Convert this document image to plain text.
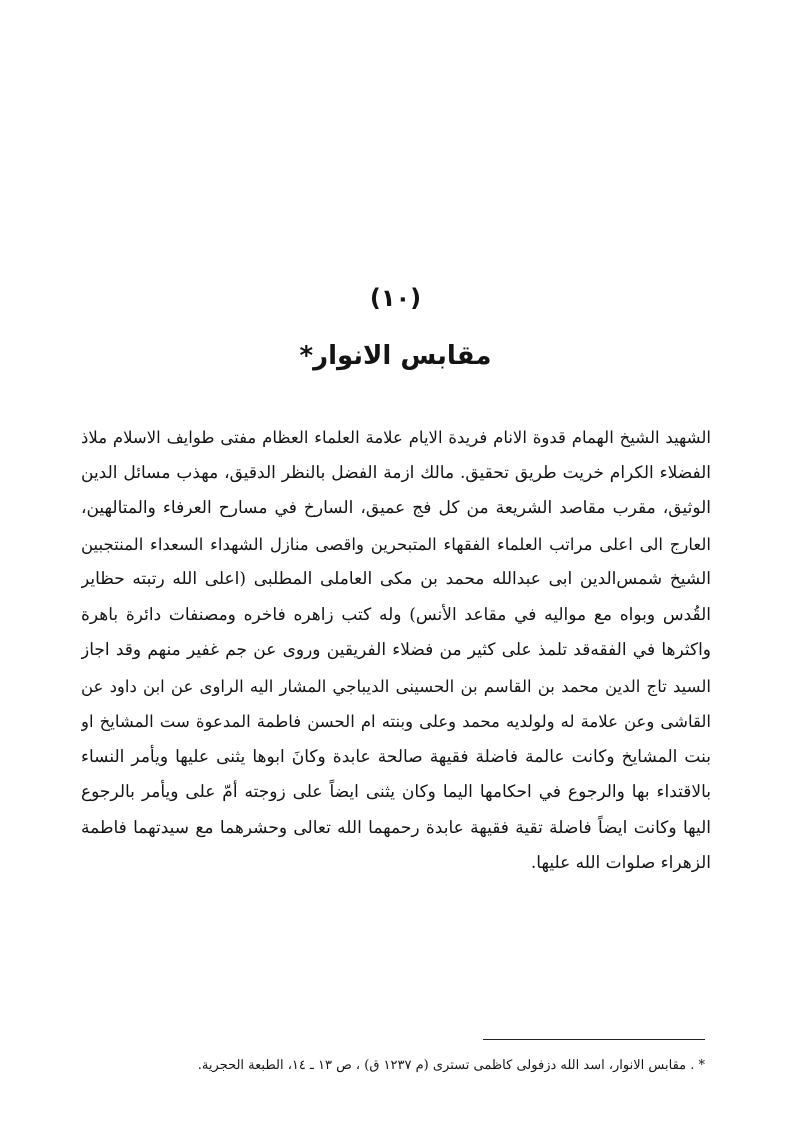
(۱۰)
مقابس الانوار*
الشهيد الشيخ الهمام قدوة الانام فريدة الايام علامة العلماء العظام مفتى طوايف الاسلام ملاذ
الفضلاء الكرام خريت طريق تحقيق. مالك ازمة الفضل بالنظر الدقيق، مهذب مسائل الدين
الوثيق، مقرب مقاصد الشريعة من كل فج عميق، السارخ في مسارح العرفاء والمتالهين،
العارج الى اعلى مراتب العلماء الفقهاء المتبحرين واقصى منازل الشهداء السعداء المنتجبين
الشيخ شمس‌الدين ابى عبدالله محمد بن مكى العاملى المطلبى (اعلى الله رتبته حظاير
القُدس وبواه مع مواليه في مقاعد الأنس) وله كتب زاهره فاخره ومصنفات دائرة باهرة
واكثرها في الفقه‌قد تلمذ على كثير من فضلاء الفريقين وروى عن جم غفير منهم وقد اجاز
السيد تاج الدين محمد بن القاسم بن الحسينى الديباجي المشار اليه الراوى عن ابن داود عن
القاشى وعن علامة له ولولديه محمد وعلى وبنته ام الحسن فاطمة المدعوة ست المشايخ او
بنت المشايخ وكانت عالمة فاضلة فقيهة صالحة عابدة وكانَ ابوها يثنى عليها ويأمر النساء
بالاقتداء بها والرجوع في احكامها اليما وكان يثنى ايضاً على زوجته أمّ على ويأمر بالرجوع
اليها وكانت ايضاً فاضلة تقية فقيهة عابدة رحمهما الله تعالى وحشرهما مع سيدتهما فاطمة
الزهراء صلوات الله عليها.
* . مقابس الانوار، اسد الله دزفولى كاظمى تسترى (م ۱۲۳۷ ق) ، ص ۱۳ ـ ۱٤، الطبعة الحجرية.
